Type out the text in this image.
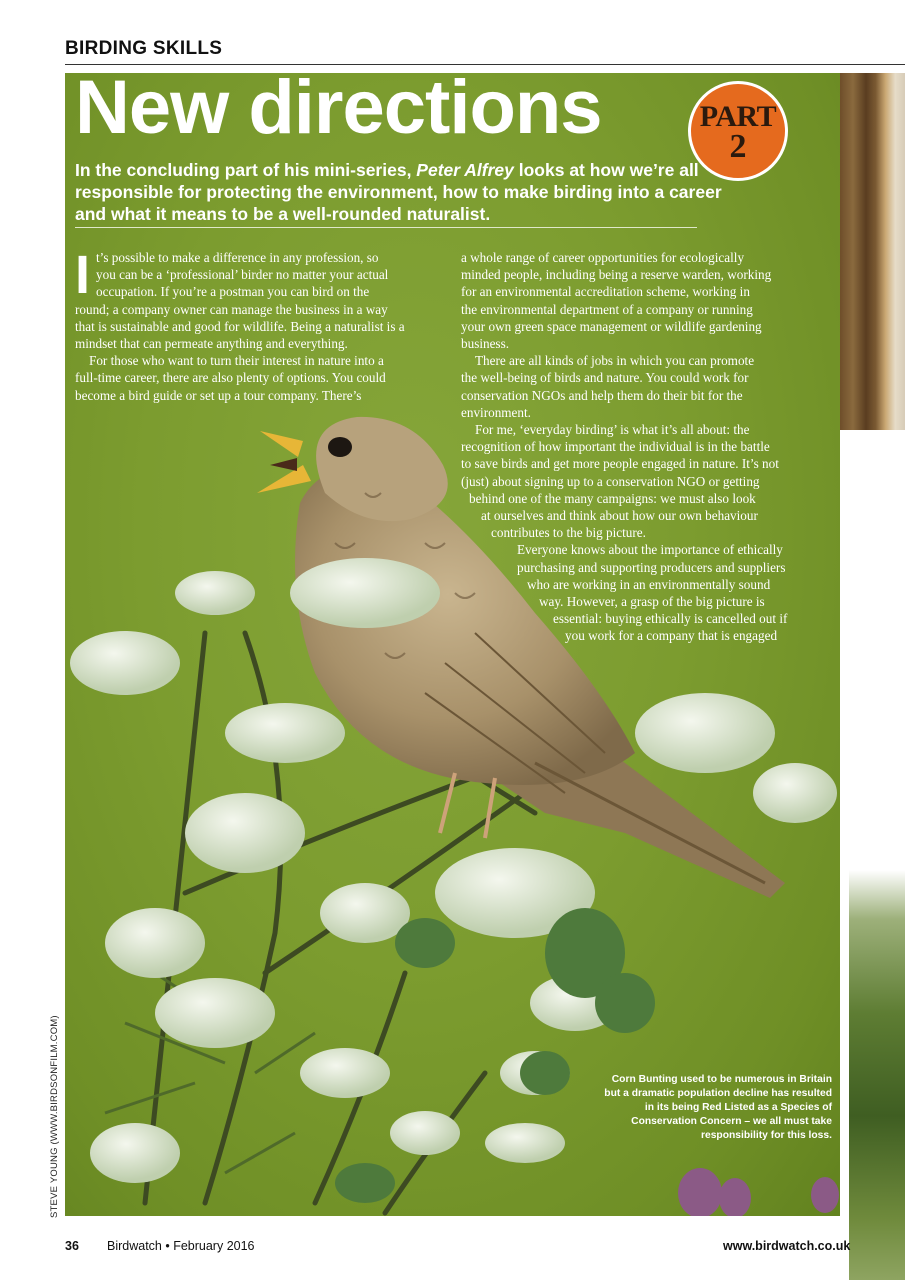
BIRDING SKILLS
New directions	PART
2

In the concluding part of his mini-series, Peter Alfrey looks at how we’re all responsible for protecting the environment, how to make birding into a career and what it means to be a well-rounded naturalist.

I t’s possible to make a difference in any profession, so
you can be a ‘professional’ birder no matter your actual
occupation. If you’re a postman you can bird on the
round; a company owner can manage the business in a way
that is sustainable and good for wildlife. Being a naturalist is a
mindset that can permeate anything and everything.
For those who want to turn their interest in nature into a
full-time career, there are also plenty of options. You could
become a bird guide or set up a tour company. There’s
a whole range of career opportunities for ecologically
minded people, including being a reserve warden, working
for an environmental accreditation scheme, working in
the environmental department of a company or running
your own green space management or wildlife gardening
business.
There are all kinds of jobs in which you can promote
the well-being of birds and nature. You could work for
conservation NGOs and help them do their bit for the
environment.
For me, ‘everyday birding’ is what it’s all about: the
recognition of how important the individual is in the battle
to save birds and get more people engaged in nature. It’s not
(just) about signing up to a conservation NGO or getting
behind one of the many campaigns: we must also look
at ourselves and think about how our own behaviour
contributes to the big picture.
Everyone knows about the importance of ethically
purchasing and supporting producers and suppliers
who are working in an environmentally sound
way. However, a grasp of the big picture is
essential: buying ethically is cancelled out if
you work for a company that is engaged

Corn Bunting used to be numerous in Britain but a dramatic population decline has resulted in its being Red Listed as a Species of Conservation Concern – we all must take responsibility for this loss.

STEVE YOUNG (WWW.BIRDSONFILM.COM)
36 Birdwatch • February 2016	www.birdwatch.co.uk
